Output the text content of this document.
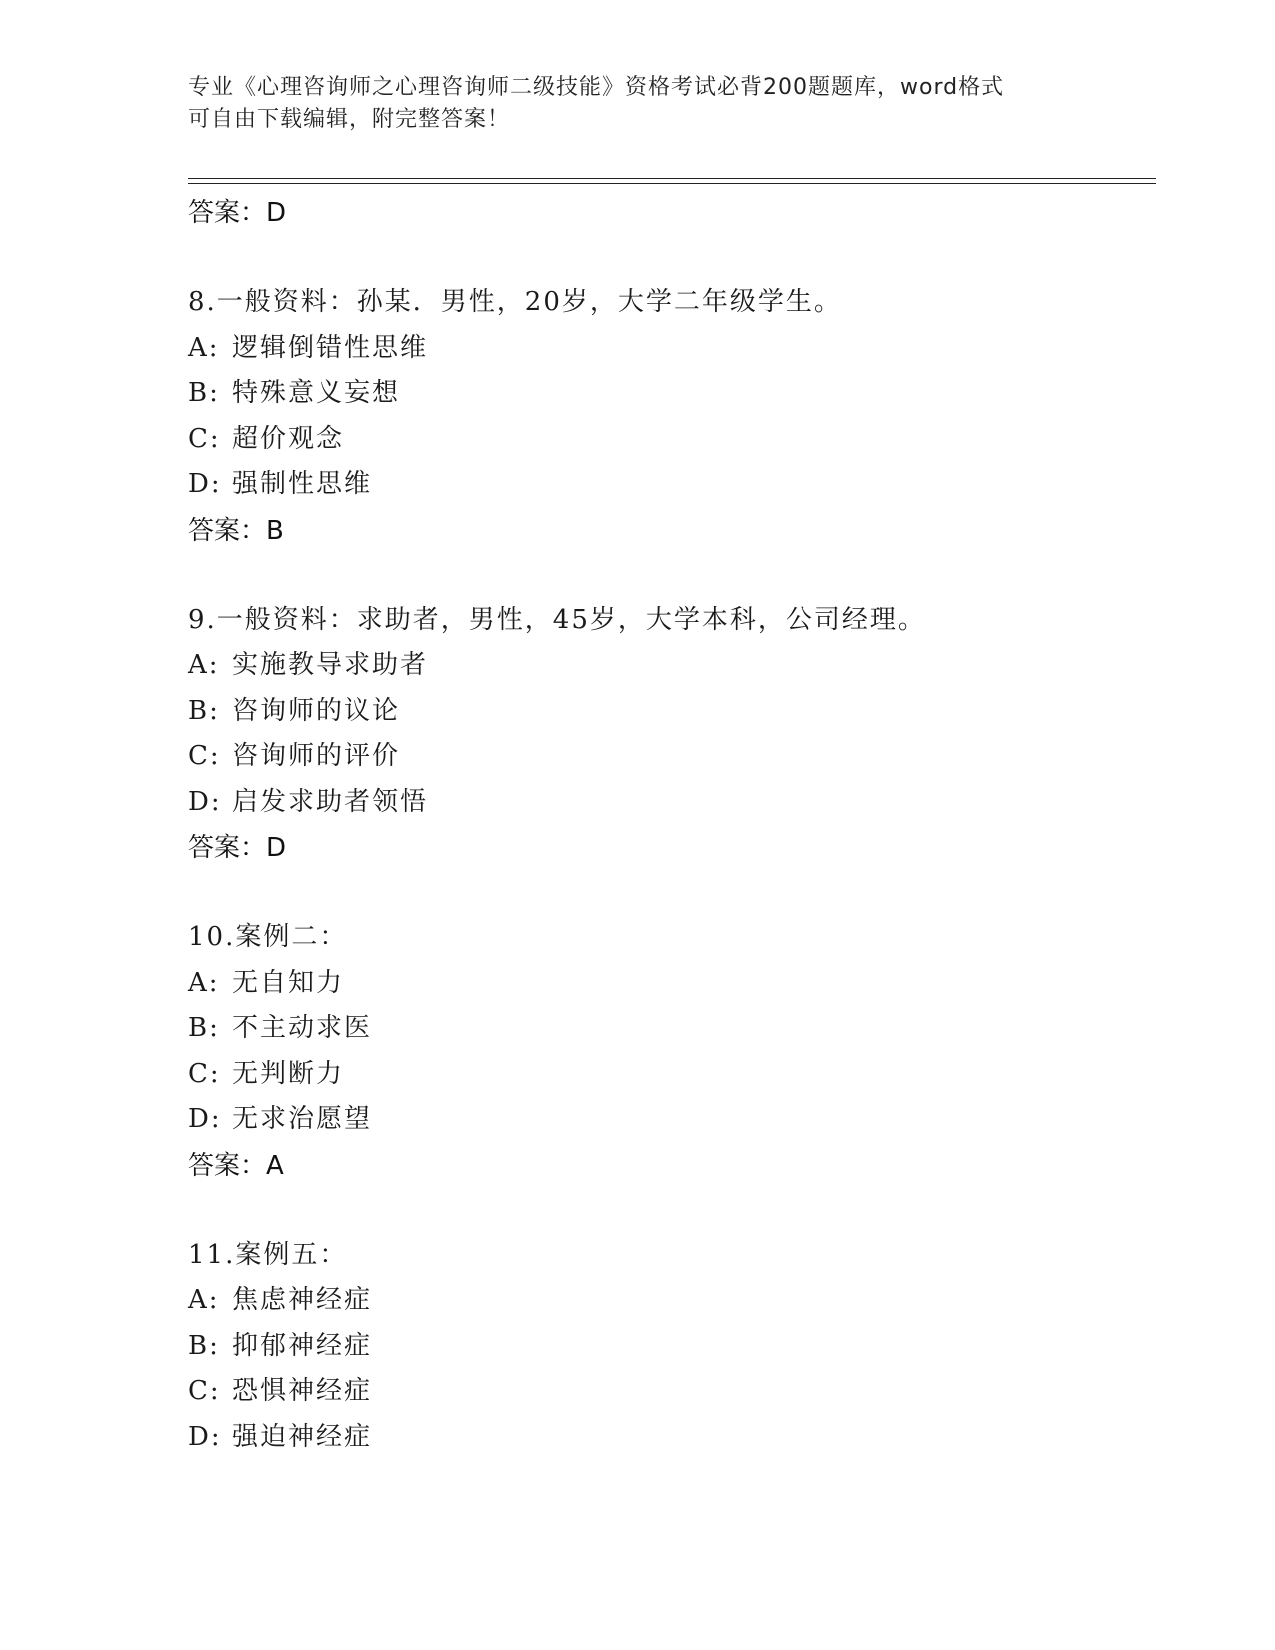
专业《心理咨询师之心理咨询师二级技能》资格考试必背200题题库，word格式
可自由下载编辑，附完整答案！
答案：D
8.一般资料：孙某．男性，20岁，大学二年级学生。
A: 逻辑倒错性思维
B: 特殊意义妄想
C: 超价观念
D: 强制性思维
答案：B
9.一般资料：求助者，男性，45岁，大学本科，公司经理。
A: 实施教导求助者
B: 咨询师的议论
C: 咨询师的评价
D: 启发求助者领悟
答案：D
10.案例二：
A: 无自知力
B: 不主动求医
C: 无判断力
D: 无求治愿望
答案：A
11.案例五：
A: 焦虑神经症
B: 抑郁神经症
C: 恐惧神经症
D: 强迫神经症
